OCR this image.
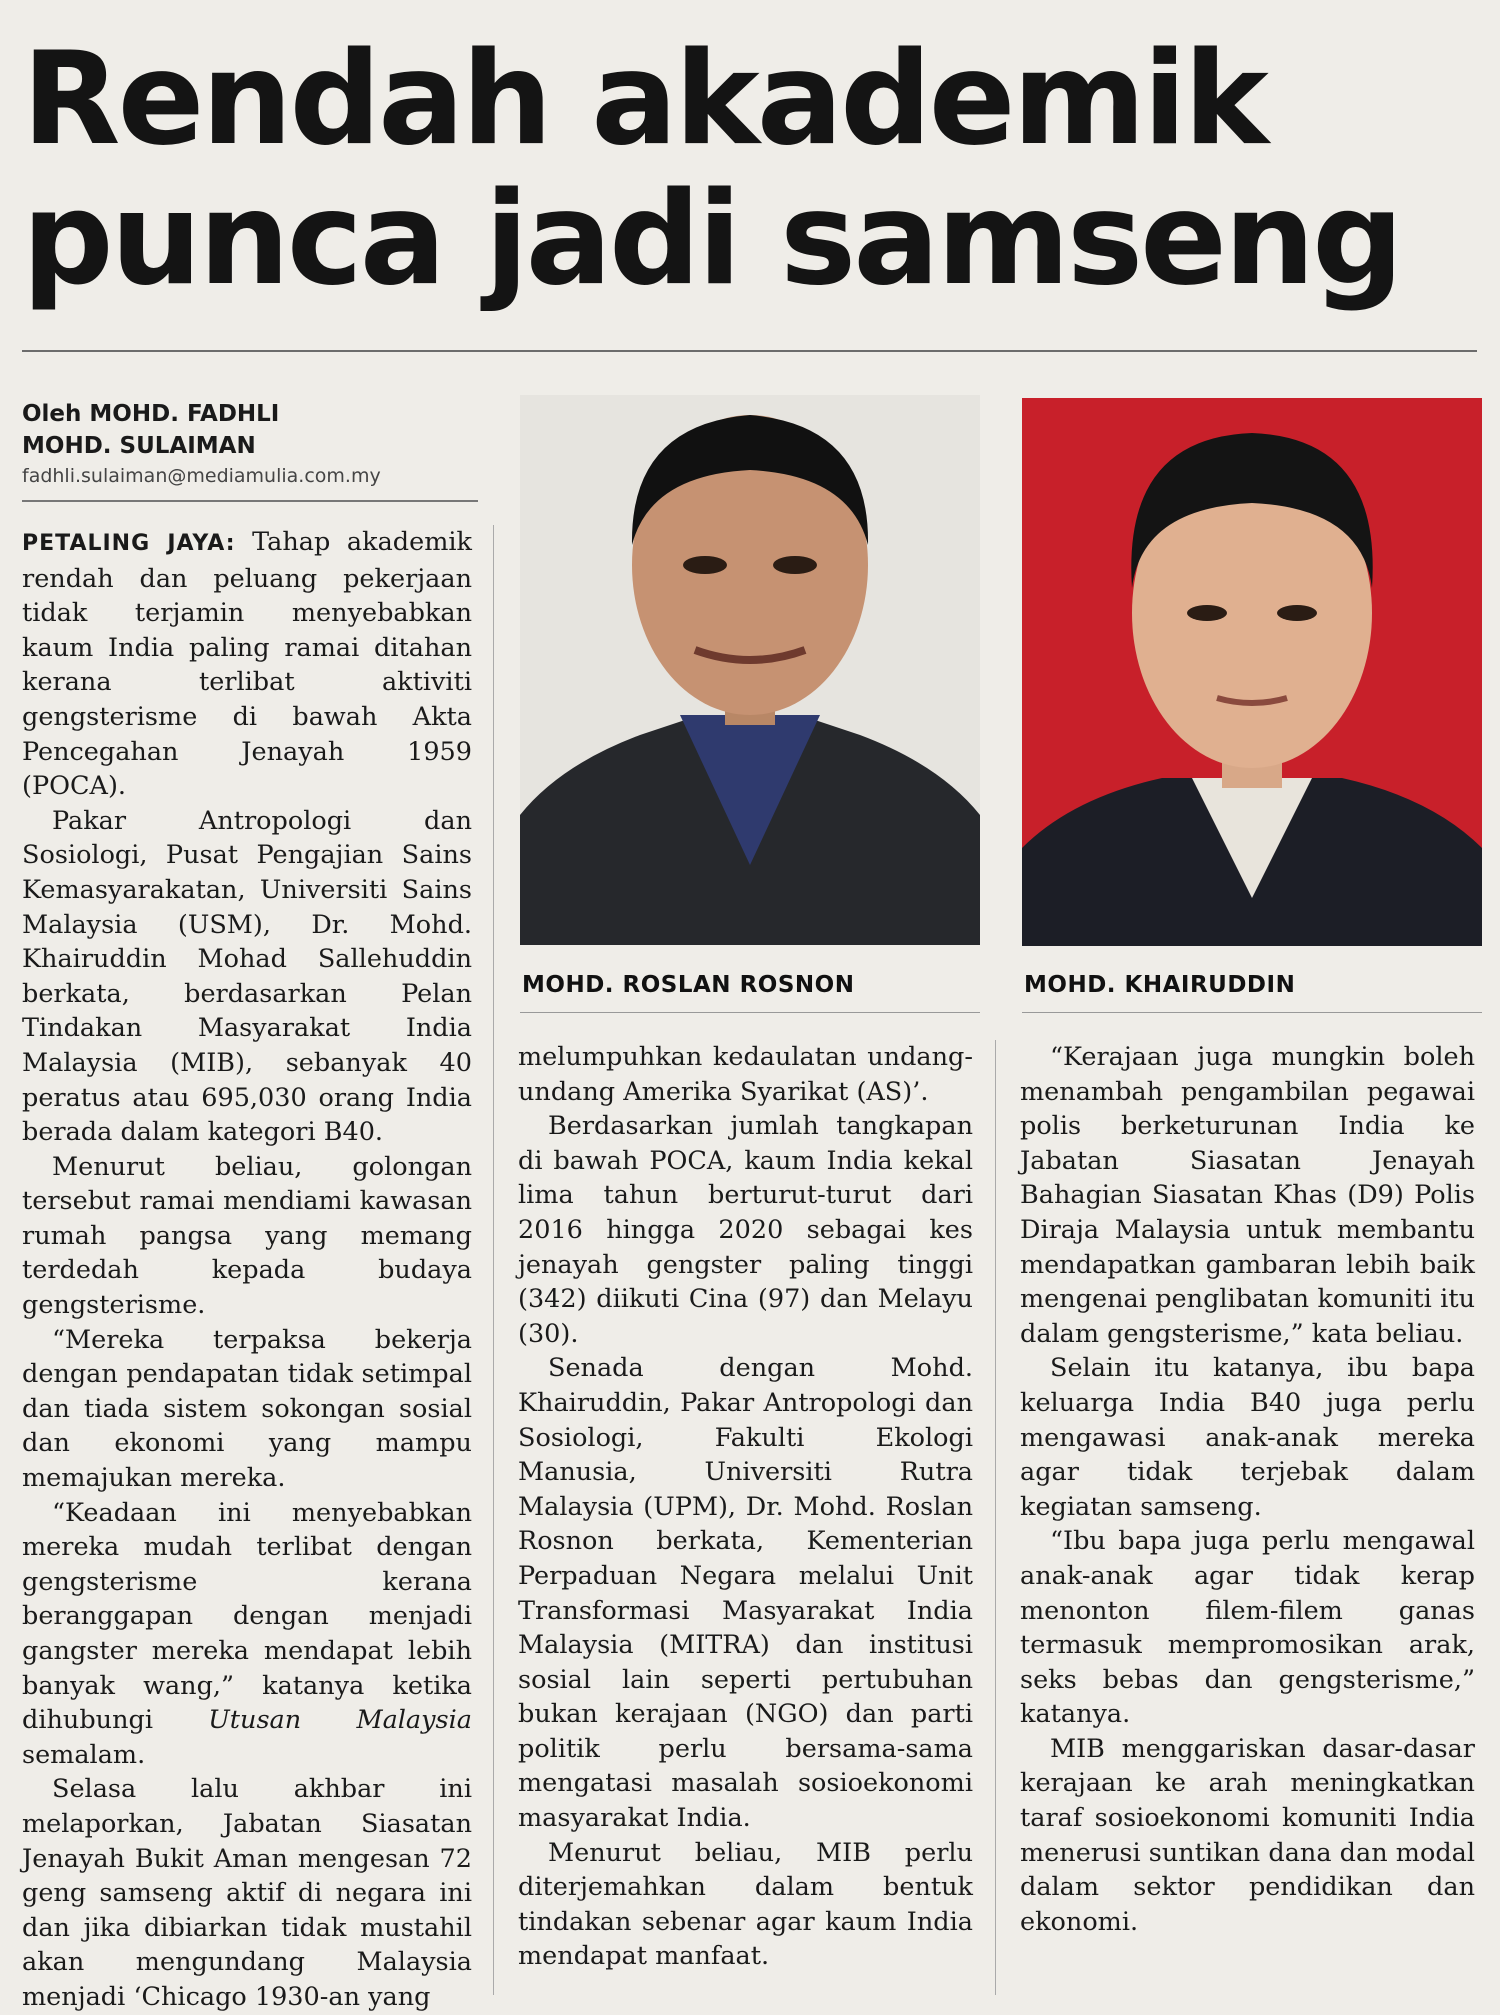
Rendah akademik
punca jadi samseng
Oleh MOHD. FADHLI
MOHD. SULAIMAN
fadhli.sulaiman@mediamulia.com.my

PETALING JAYA: Tahap akademik rendah dan peluang pekerjaan tidak terjamin menyebabkan kaum India paling ramai ditahan kerana terlibat aktiviti gengsterisme di bawah Akta Pencegahan Jenayah 1959 (POCA).

Pakar Antropologi dan Sosiologi, Pusat Pengajian Sains Kemasyarakatan, Universiti Sains Malaysia (USM), Dr. Mohd. Khairuddin Mohad Sallehuddin berkata, berdasarkan Pelan Tindakan Masyarakat India Malaysia (MIB), sebanyak 40 peratus atau 695,030 orang India berada dalam kategori B40.

Menurut beliau, golongan tersebut ramai mendiami kawasan rumah pangsa yang memang terdedah kepada budaya gengsterisme.

“Mereka terpaksa bekerja dengan pendapatan tidak setimpal dan tiada sistem sokongan sosial dan ekonomi yang mampu memajukan mereka.

“Keadaan ini menyebabkan mereka mudah terlibat dengan gengsterisme kerana beranggapan dengan menjadi gangster mereka mendapat lebih banyak wang,” katanya ketika dihubungi Utusan Malaysia semalam.

Selasa lalu akhbar ini melaporkan, Jabatan Siasatan Jenayah Bukit Aman mengesan 72 geng samseng aktif di negara ini dan jika dibiarkan tidak mustahil akan mengundang Malaysia menjadi ‘Chicago 1930-an yang

MOHD. ROSLAN ROSNON	MOHD. KHAIRUDDIN

melumpuhkan kedaulatan undang-undang Amerika Syarikat (AS)’.

Berdasarkan jumlah tangkapan di bawah POCA, kaum India kekal lima tahun berturut-turut dari 2016 hingga 2020 sebagai kes jenayah gengster paling tinggi (342) diikuti Cina (97) dan Melayu (30).

Senada dengan Mohd. Khairuddin, Pakar Antropologi dan Sosiologi, Fakulti Ekologi Manusia, Universiti Rutra Malaysia (UPM), Dr. Mohd. Roslan Rosnon berkata, Kementerian Perpaduan Negara melalui Unit Transformasi Masyarakat India Malaysia (MITRA) dan institusi sosial lain seperti pertubuhan bukan kerajaan (NGO) dan parti politik perlu bersama-sama mengatasi masalah sosioekonomi masyarakat India.

Menurut beliau, MIB perlu diterjemahkan dalam bentuk tindakan sebenar agar kaum India mendapat manfaat.

“Kerajaan juga mungkin boleh menambah pengambilan pegawai polis berketurunan India ke Jabatan Siasatan Jenayah Bahagian Siasatan Khas (D9) Polis Diraja Malaysia untuk membantu mendapatkan gambaran lebih baik mengenai penglibatan komuniti itu dalam gengsterisme,” kata beliau.

Selain itu katanya, ibu bapa keluarga India B40 juga perlu mengawasi anak-anak mereka agar tidak terjebak dalam kegiatan samseng.

“Ibu bapa juga perlu mengawal anak-anak agar tidak kerap menonton filem-filem ganas termasuk mempromosikan arak, seks bebas dan gengsterisme,” katanya.

MIB menggariskan dasar-dasar kerajaan ke arah meningkatkan taraf sosioekonomi komuniti India menerusi suntikan dana dan modal dalam sektor pendidikan dan ekonomi.
